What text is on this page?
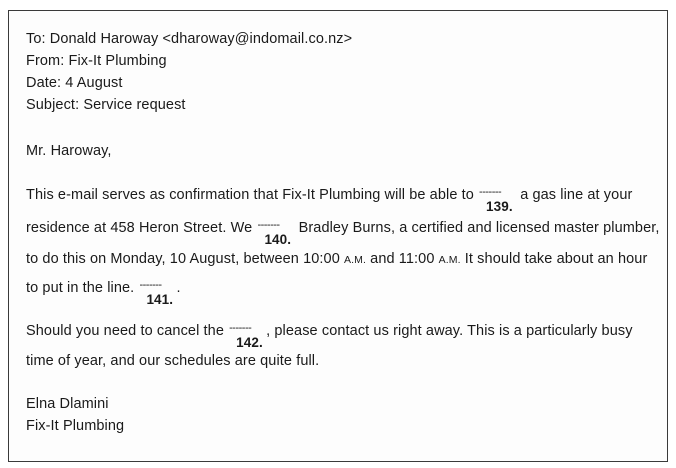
To: Donald Haroway <dharoway@indomail.co.nz>
From: Fix-It Plumbing
Date: 4 August
Subject: Service request
Mr. Haroway,
This e-mail serves as confirmation that Fix-It Plumbing will be able to -------
139.
a gas line at your
residence at 458 Heron Street. We -------
140.
Bradley Burns, a certified and licensed master plumber,
to do this on Monday, 10 August, between 10:00 A.M. and 11:00 A.M. It should take about an hour
to put in the line. -------
141.
.
Should you need to cancel the -------
142.
, please contact us right away. This is a particularly busy
time of year, and our schedules are quite full.
Elna Dlamini
Fix-It Plumbing
